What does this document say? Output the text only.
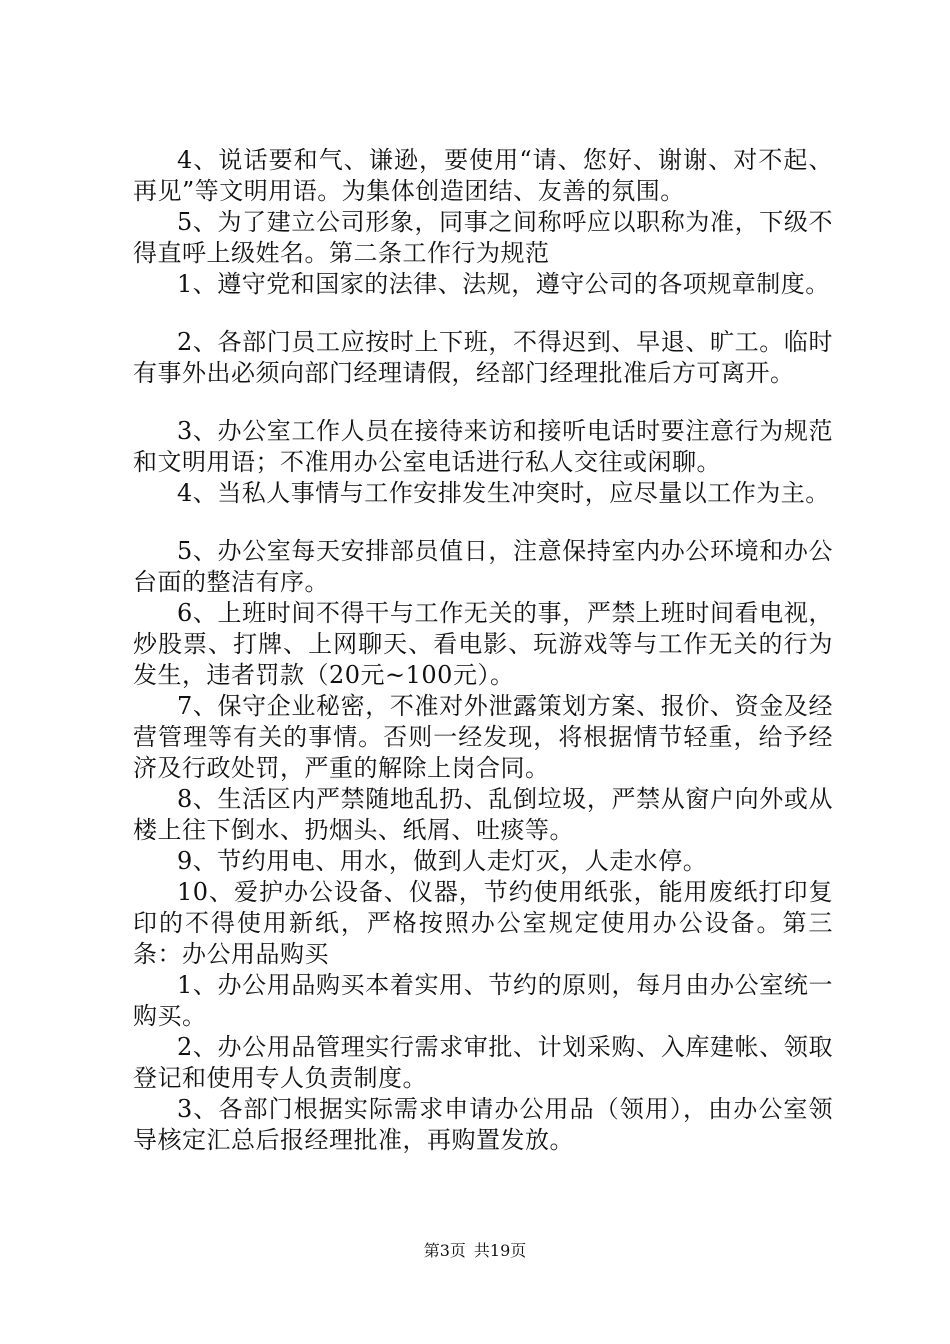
4、说话要和气、谦逊，要使用“请、您好、谢谢、对不起、再见”等文明用语。为集体创造团结、友善的氛围。

5、为了建立公司形象，同事之间称呼应以职称为准，下级不得直呼上级姓名。第二条工作行为规范

1、遵守党和国家的法律、法规，遵守公司的各项规章制度。

2、各部门员工应按时上下班，不得迟到、早退、旷工。临时有事外出必须向部门经理请假，经部门经理批准后方可离开。

3、办公室工作人员在接待来访和接听电话时要注意行为规范和文明用语；不准用办公室电话进行私人交往或闲聊。

4、当私人事情与工作安排发生冲突时，应尽量以工作为主。

5、办公室每天安排部员值日，注意保持室内办公环境和办公台面的整洁有序。

6、上班时间不得干与工作无关的事，严禁上班时间看电视，炒股票、打牌、上网聊天、看电影、玩游戏等与工作无关的行为发生，违者罚款（20元~100元）。

7、保守企业秘密，不准对外泄露策划方案、报价、资金及经营管理等有关的事情。否则一经发现，将根据情节轻重，给予经济及行政处罚，严重的解除上岗合同。

8、生活区内严禁随地乱扔、乱倒垃圾，严禁从窗户向外或从楼上往下倒水、扔烟头、纸屑、吐痰等。

9、节约用电、用水，做到人走灯灭，人走水停。

10、爱护办公设备、仪器，节约使用纸张，能用废纸打印复印的不得使用新纸，严格按照办公室规定使用办公设备。第三条：办公用品购买

1、办公用品购买本着实用、节约的原则，每月由办公室统一购买。

2、办公用品管理实行需求审批、计划采购、入库建帐、领取登记和使用专人负责制度。

3、各部门根据实际需求申请办公用品（领用），由办公室领导核定汇总后报经理批准，再购置发放。

第3页 共19页
